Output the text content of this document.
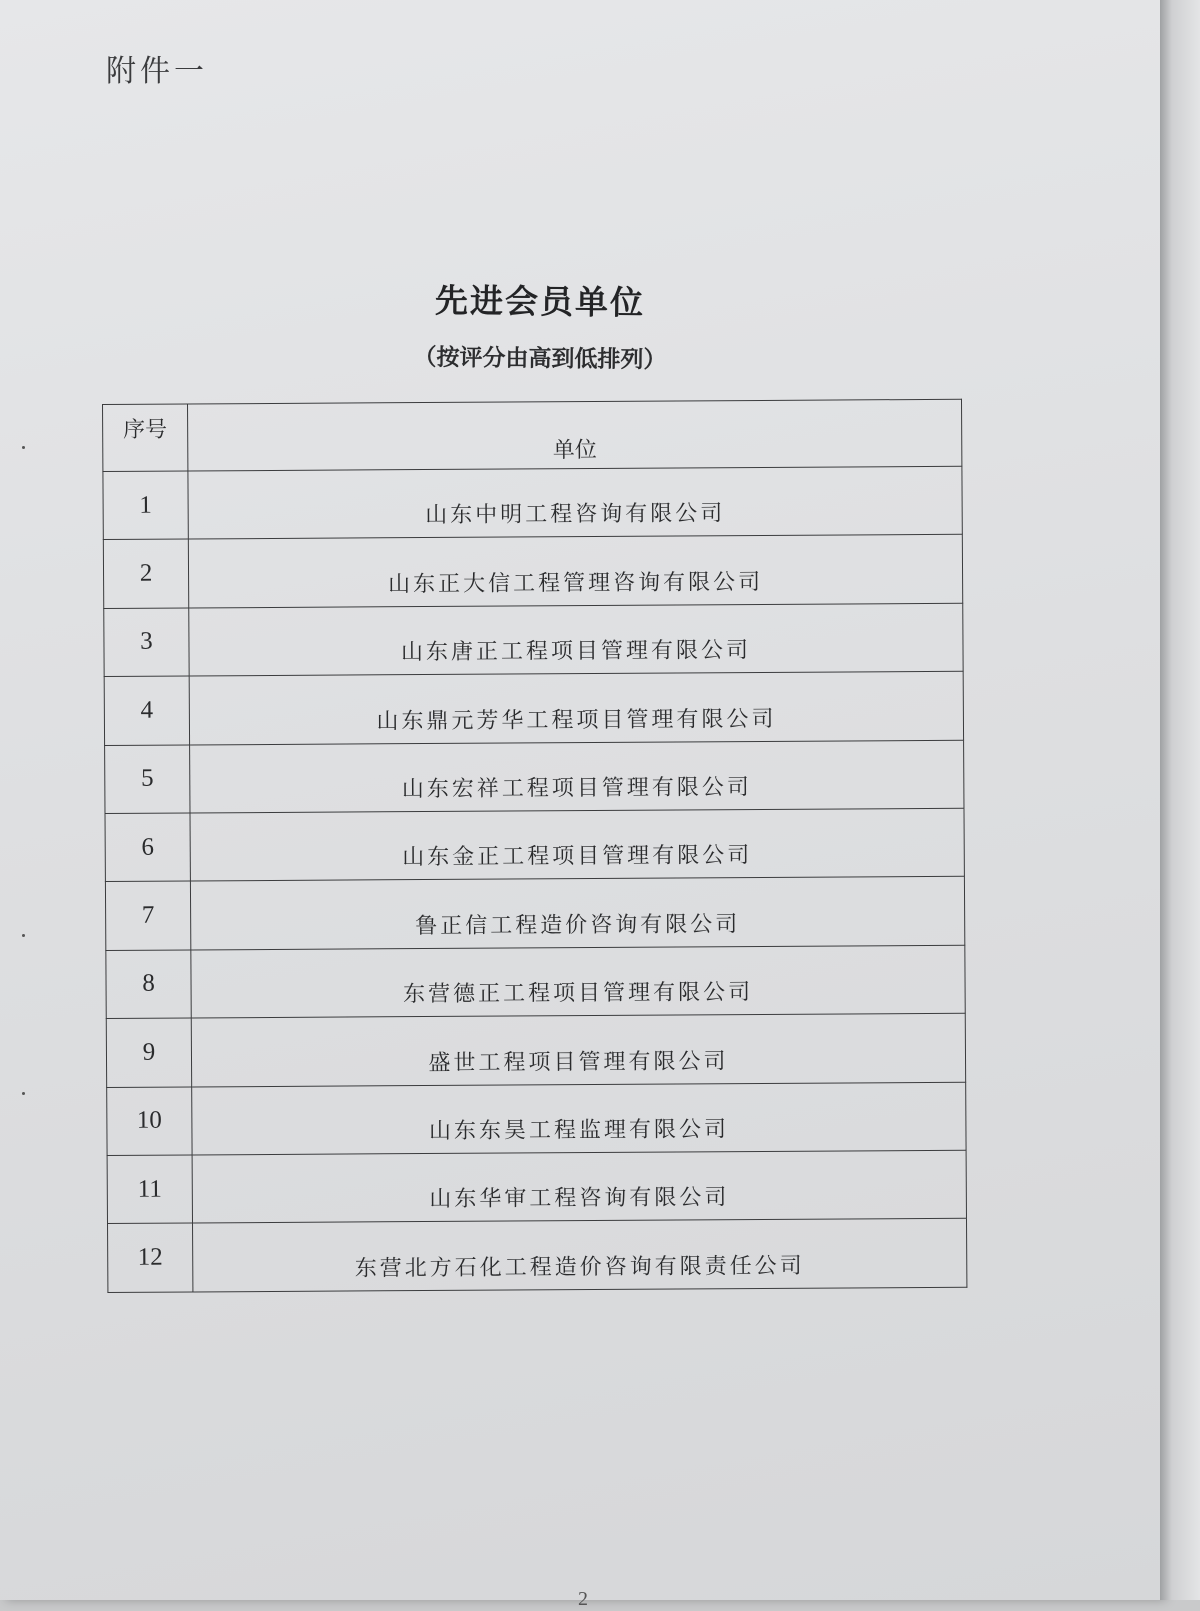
附件一
先进会员单位
（按评分由高到低排列）
序号	单位
1	山东中明工程咨询有限公司
2	山东正大信工程管理咨询有限公司
3	山东唐正工程项目管理有限公司
4	山东鼎元芳华工程项目管理有限公司
5	山东宏祥工程项目管理有限公司
6	山东金正工程项目管理有限公司
7	鲁正信工程造价咨询有限公司
8	东营德正工程项目管理有限公司
9	盛世工程项目管理有限公司
10	山东东昊工程监理有限公司
11	山东华审工程咨询有限公司
12	东营北方石化工程造价咨询有限责任公司
2
